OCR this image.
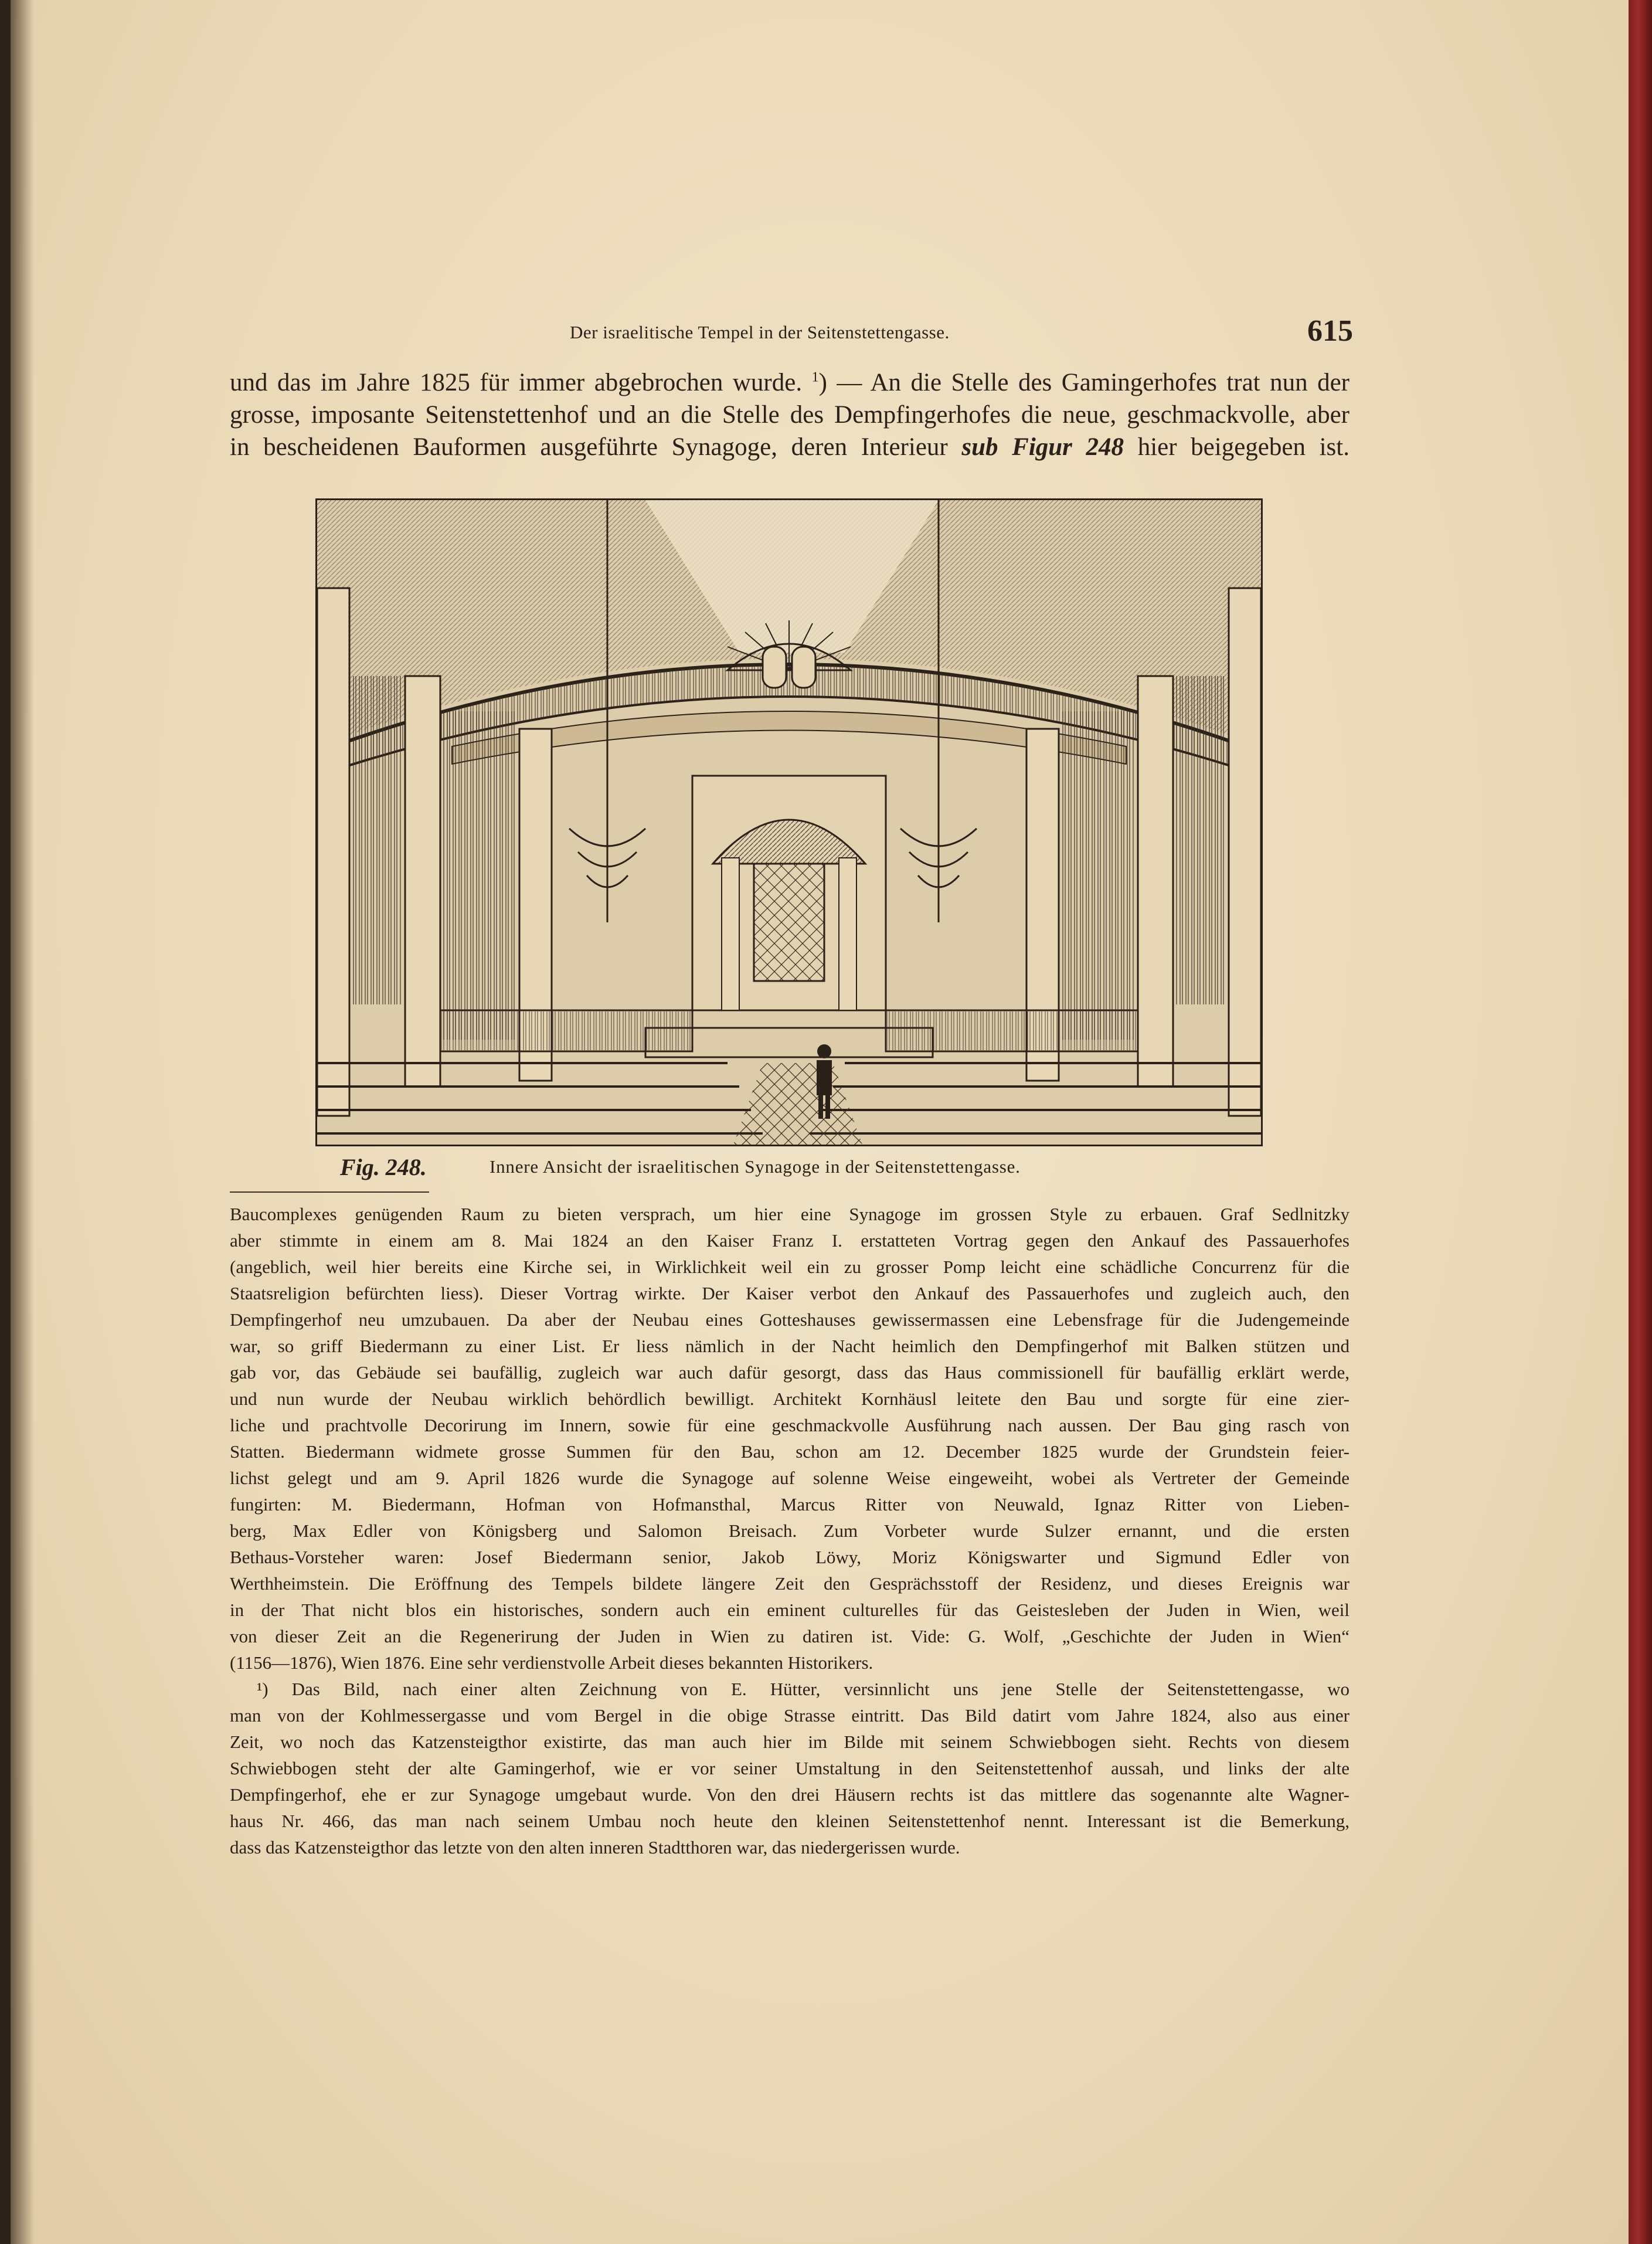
Der israelitische Tempel in der Seitenstettengasse.	615
und das im Jahre 1825 für immer abgebrochen wurde. $^1$) — An die Stelle des Gamingerhofes trat nun der
grosse, imposante Seitenstettenhof und an die Stelle des Dempfingerhofes die neue, geschmackvolle, aber
in bescheidenen Bauformen ausgeführte Synagoge, deren Interieur sub Figur 248 hier beigegeben ist.
Fig. 248.	Innere Ansicht der israelitischen Synagoge in der Seitenstettengasse.
Baucomplexes genügenden Raum zu bieten versprach, um hier eine Synagoge im grossen Style zu erbauen. Graf Sedlnitzky
aber stimmte in einem am 8. Mai 1824 an den Kaiser Franz I. erstatteten Vortrag gegen den Ankauf des Passauerhofes
(angeblich, weil hier bereits eine Kirche sei, in Wirklichkeit weil ein zu grosser Pomp leicht eine schädliche Concurrenz für die
Staatsreligion befürchten liess). Dieser Vortrag wirkte. Der Kaiser verbot den Ankauf des Passauerhofes und zugleich auch, den
Dempfingerhof neu umzubauen. Da aber der Neubau eines Gotteshauses gewissermassen eine Lebensfrage für die Judengemeinde
war, so griff Biedermann zu einer List. Er liess nämlich in der Nacht heimlich den Dempfingerhof mit Balken stützen und
gab vor, das Gebäude sei baufällig, zugleich war auch dafür gesorgt, dass das Haus commissionell für baufällig erklärt werde,
und nun wurde der Neubau wirklich behördlich bewilligt. Architekt Kornhäusl leitete den Bau und sorgte für eine zier-
liche und prachtvolle Decorirung im Innern, sowie für eine geschmackvolle Ausführung nach aussen. Der Bau ging rasch von
Statten. Biedermann widmete grosse Summen für den Bau, schon am 12. December 1825 wurde der Grundstein feier-
lichst gelegt und am 9. April 1826 wurde die Synagoge auf solenne Weise eingeweiht, wobei als Vertreter der Gemeinde
fungirten: M. Biedermann, Hofman von Hofmansthal, Marcus Ritter von Neuwald, Ignaz Ritter von Lieben-
berg, Max Edler von Königsberg und Salomon Breisach. Zum Vorbeter wurde Sulzer ernannt, und die ersten
Bethaus-Vorsteher waren: Josef Biedermann senior, Jakob Löwy, Moriz Königswarter und Sigmund Edler von
Werthheimstein. Die Eröffnung des Tempels bildete längere Zeit den Gesprächsstoff der Residenz, und dieses Ereignis war
in der That nicht blos ein historisches, sondern auch ein eminent culturelles für das Geistesleben der Juden in Wien, weil
von dieser Zeit an die Regenerirung der Juden in Wien zu datiren ist. Vide: G. Wolf, „Geschichte der Juden in Wien“
(1156—1876), Wien 1876. Eine sehr verdienstvolle Arbeit dieses bekannten Historikers.
¹) Das Bild, nach einer alten Zeichnung von E. Hütter, versinnlicht uns jene Stelle der Seitenstettengasse, wo
man von der Kohlmessergasse und vom Bergel in die obige Strasse eintritt. Das Bild datirt vom Jahre 1824, also aus einer
Zeit, wo noch das Katzensteigthor existirte, das man auch hier im Bilde mit seinem Schwiebbogen sieht. Rechts von diesem
Schwiebbogen steht der alte Gamingerhof, wie er vor seiner Umstaltung in den Seitenstettenhof aussah, und links der alte
Dempfingerhof, ehe er zur Synagoge umgebaut wurde. Von den drei Häusern rechts ist das mittlere das sogenannte alte Wagner-
haus Nr. 466, das man nach seinem Umbau noch heute den kleinen Seitenstettenhof nennt. Interessant ist die Bemerkung,
dass das Katzensteigthor das letzte von den alten inneren Stadtthoren war, das niedergerissen wurde.
